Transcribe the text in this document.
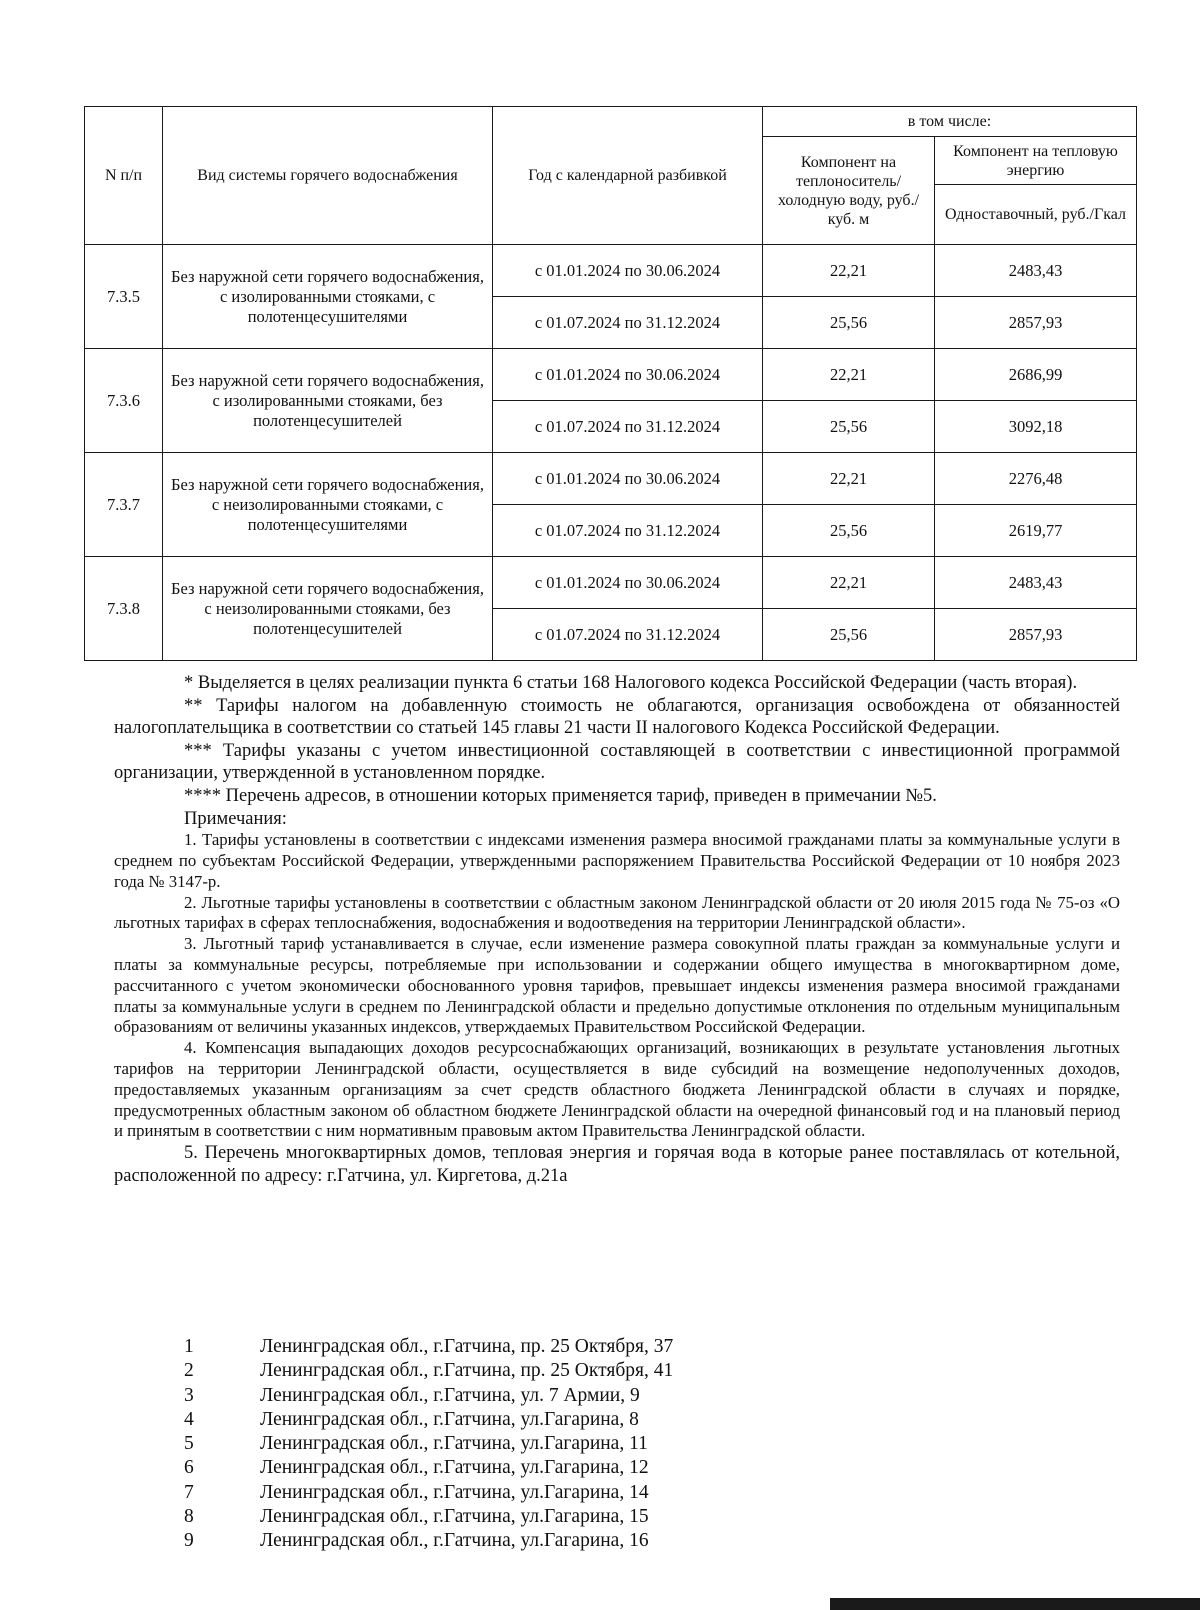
N п/п	Вид системы горячего водоснабжения	Год с календарной разбивкой	в том числе:	
			Компонент на теплоноситель/ холодную воду, руб./куб. м	Компонент на тепловую энергию
				Одноставочный, руб./Гкал
7.3.5	Без наружной сети горячего водоснабжения, с изолированными стояками, с полотенцесушителями	с 01.01.2024 по 30.06.2024	22,21	2483,43
		с 01.07.2024 по 31.12.2024	25,56	2857,93
7.3.6	Без наружной сети горячего водоснабжения, с изолированными стояками, без полотенцесушителей	с 01.01.2024 по 30.06.2024	22,21	2686,99
		с 01.07.2024 по 31.12.2024	25,56	3092,18
7.3.7	Без наружной сети горячего водоснабжения, с неизолированными стояками, с полотенцесушителями	с 01.01.2024 по 30.06.2024	22,21	2276,48
		с 01.07.2024 по 31.12.2024	25,56	2619,77
7.3.8	Без наружной сети горячего водоснабжения, с неизолированными стояками, без полотенцесушителей	с 01.01.2024 по 30.06.2024	22,21	2483,43
		с 01.07.2024 по 31.12.2024	25,56	2857,93

* Выделяется в целях реализации пункта 6 статьи 168 Налогового кодекса Российской Федерации (часть вторая).

** Тарифы налогом на добавленную стоимость не облагаются, организация освобождена от обязанностей налогоплательщика в соответствии со статьей 145 главы 21 части II налогового Кодекса Российской Федерации.

*** Тарифы указаны с учетом инвестиционной составляющей в соответствии с инвестиционной программой организации, утвержденной в установленном порядке.

**** Перечень адресов, в отношении которых применяется тариф, приведен в примечании №5.

Примечания:

1. Тарифы установлены в соответствии с индексами изменения размера вносимой гражданами платы за коммунальные услуги в среднем по субъектам Российской Федерации, утвержденными распоряжением Правительства Российской Федерации от 10 ноября 2023 года № 3147-р.

2. Льготные тарифы установлены в соответствии с областным законом Ленинградской области от 20 июля 2015 года № 75-оз «О льготных тарифах в сферах теплоснабжения, водоснабжения и водоотведения на территории Ленинградской области».

3. Льготный тариф устанавливается в случае, если изменение размера совокупной платы граждан за коммунальные услуги и платы за коммунальные ресурсы, потребляемые при использовании и содержании общего имущества в многоквартирном доме, рассчитанного с учетом экономически обоснованного уровня тарифов, превышает индексы изменения размера вносимой гражданами платы за коммунальные услуги в среднем по Ленинградской области и предельно допустимые отклонения по отдельным муниципальным образованиям от величины указанных индексов, утверждаемых Правительством Российской Федерации.

4. Компенсация выпадающих доходов ресурсоснабжающих организаций, возникающих в результате установления льготных тарифов на территории Ленинградской области, осуществляется в виде субсидий на возмещение недополученных доходов, предоставляемых указанным организациям за счет средств областного бюджета Ленинградской области в случаях и порядке, предусмотренных областным законом об областном бюджете Ленинградской области на очередной финансовый год и на плановый период и принятым в соответствии с ним нормативным правовым актом Правительства Ленинградской области.

5. Перечень многоквартирных домов, тепловая энергия и горячая вода в которые ранее поставлялась от котельной, расположенной по адресу: г.Гатчина, ул. Киргетова, д.21а

1	Ленинградская обл., г.Гатчина, пр. 25 Октября, 37
2	Ленинградская обл., г.Гатчина, пр. 25 Октября, 41
3	Ленинградская обл., г.Гатчина, ул. 7 Армии, 9
4	Ленинградская обл., г.Гатчина, ул.Гагарина, 8
5	Ленинградская обл., г.Гатчина, ул.Гагарина, 11
6	Ленинградская обл., г.Гатчина, ул.Гагарина, 12
7	Ленинградская обл., г.Гатчина, ул.Гагарина, 14
8	Ленинградская обл., г.Гатчина, ул.Гагарина, 15
9	Ленинградская обл., г.Гатчина, ул.Гагарина, 16
